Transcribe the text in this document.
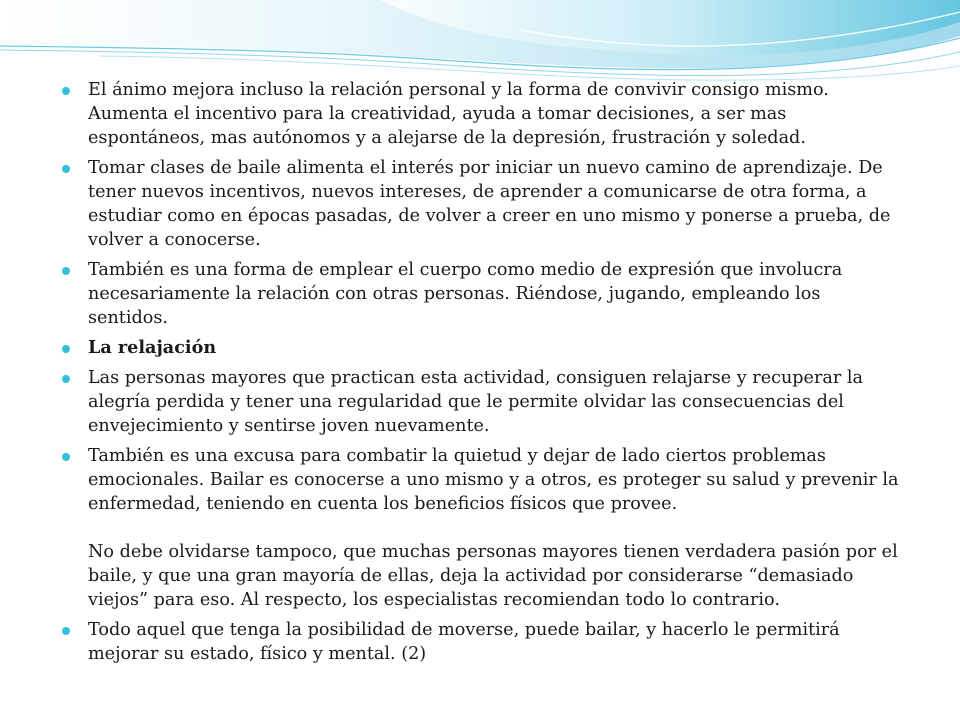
El ánimo mejora incluso la relación personal y la forma de convivir consigo mismo. Aumenta el incentivo para la creatividad, ayuda a tomar decisiones, a ser mas espontáneos, mas autónomos y a alejarse de la depresión, frustración y soledad.
Tomar clases de baile alimenta el interés por iniciar un nuevo camino de aprendizaje. De tener nuevos incentivos, nuevos intereses, de aprender a comunicarse de otra forma, a estudiar como en épocas pasadas, de volver a creer en uno mismo y ponerse a prueba, de volver a conocerse.
También es una forma de emplear el cuerpo como medio de expresión que involucra necesariamente la relación con otras personas. Riéndose, jugando, empleando los sentidos.
La relajación
Las personas mayores que practican esta actividad, consiguen relajarse y recuperar la alegría perdida y tener una regularidad que le permite olvidar las consecuencias del envejecimiento y sentirse joven nuevamente.
También es una excusa para combatir la quietud y dejar de lado ciertos problemas emocionales. Bailar es conocerse a uno mismo y a otros, es proteger su salud y prevenir la enfermedad, teniendo en cuenta los beneficios físicos que provee.
No debe olvidarse tampoco, que muchas personas mayores tienen verdadera pasión por el baile, y que una gran mayoría de ellas, deja la actividad por considerarse “demasiado viejos” para eso. Al respecto, los especialistas recomiendan todo lo contrario.
Todo aquel que tenga la posibilidad de moverse, puede bailar, y hacerlo le permitirá mejorar su estado, físico y mental. (2)
